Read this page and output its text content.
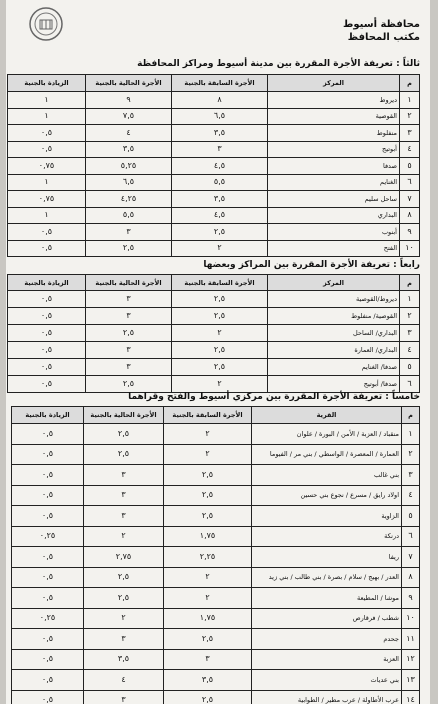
محافظة أسيوط
مكتب المحافظ
ثالثاً : تعريفة الأجرة المقررة بين مدينة أسيوط ومراكز المحافظة
م	المركز	الأجرة السابقة بالجنية	الأجرة الحالية بالجنية	الزيادة بالجنية
١	ديروط	٨	٩	١
٢	القوصية	٦,٥	٧,٥	١
٣	منفلوط	٣,٥	٤	٠,٥
٤	أبوتيج	٣	٣,٥	٠,٥
٥	صدفا	٤,٥	٥,٢٥	٠,٧٥
٦	الغنايم	٥,٥	٦,٥	١
٧	ساحل سليم	٣,٥	٤,٢٥	٠,٧٥
٨	البداري	٤,٥	٥,٥	١
٩	أبنوب	٢,٥	٣	٠,٥
١٠	الفتح	٢	٢,٥	٠,٥
رابعاً : تعريفة الأجرة المقررة بين المراكز وبعضها
م	المركز	الأجرة السابقة بالجنية	الأجرة الحالية بالجنية	الزيادة بالجنية
١	ديروط/القوصية	٢,٥	٣	٠,٥
٢	القوصية/ منفلوط	٢,٥	٣	٠,٥
٣	البداري/ الساحل	٢	٢,٥	٠,٥
٤	البداري/ العمارة	٢,٥	٣	٠,٥
٥	صدفا/ الغنايم	٢,٥	٣	٠,٥
٦	صدفا/ أبوتيج	٢	٢,٥	٠,٥
خامساً : تعريفة الأجرة المقررة بين مركزي أسيوط والفتح وقراهما
م	القرية	الأجرة السابقة بالجنية	الأجرة الحالية بالجنية	الزيادة بالجنية
١	منقباد / العزبة / الأمن / البورة / علوان	٢	٢,٥	٠,٥
٢	العمارة / المعصرة / الواسطي / بني مر / الفيوما	٢	٢,٥	٠,٥
٣	بني غالب	٢,٥	٣	٠,٥
٤	اولاد رايق / مسرع / نجوع بني حسين	٢,٥	٣	٠,٥
٥	الزاوية	٢,٥	٣	٠,٥
٦	درنكة	١,٧٥	٢	٠,٢٥
٧	ريفا	٢,٢٥	٢,٧٥	٠,٥
٨	العدر / بهيج / سلام / بصرة / بني طالب / بني زيد	٢	٢,٥	٠,٥
٩	موشا / المطيعة	٢	٢,٥	٠,٥
١٠	شطب / فرقارص	١,٧٥	٢	٠,٢٥
١١	جحدم	٢,٥	٣	٠,٥
١٢	العزبة	٣	٣,٥	٠,٥
١٣	بني عديات	٣,٥	٤	٠,٥
١٤	عرب الأطاولة / عرب مطير / الطوابية	٢,٥	٣	٠,٥
